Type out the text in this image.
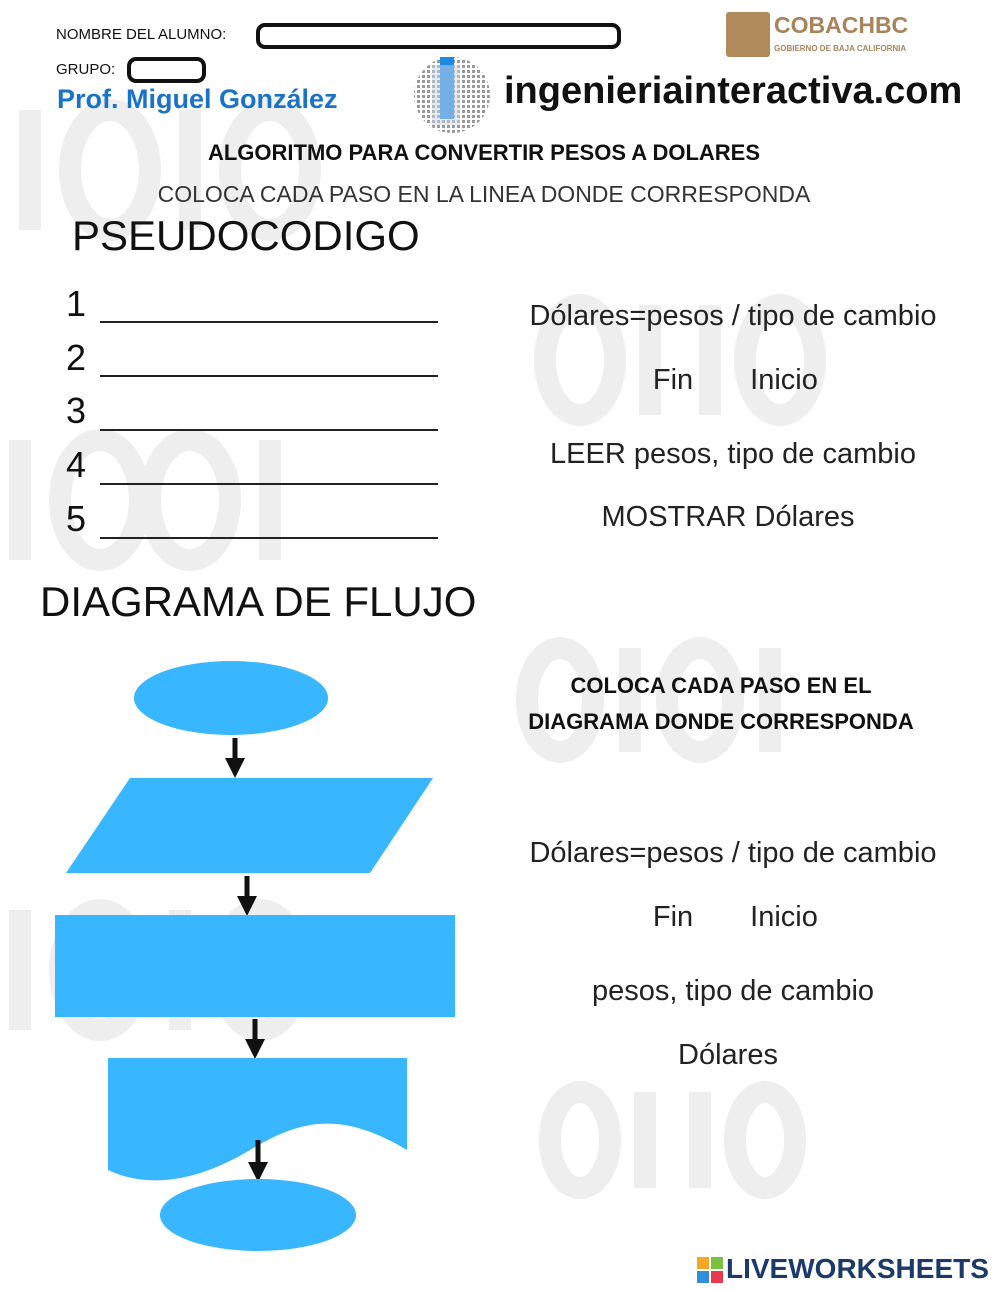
NOMBRE DEL ALUMNO:
GRUPO:
Prof. Miguel González	ingenieriainteractiva.com
COBACHBC
GOBIERNO DE BAJA CALIFORNIA
ALGORITMO PARA CONVERTIR PESOS A DOLARES
COLOCA CADA PASO EN LA LINEA DONDE CORRESPONDA
PSEUDOCODIGO
1
2
3
4
5
Dólares=pesos / tipo de cambio
Fin Inicio
LEER pesos, tipo de cambio
MOSTRAR Dólares
DIAGRAMA DE FLUJO
COLOCA CADA PASO EN EL
DIAGRAMA DONDE CORRESPONDA
Dólares=pesos / tipo de cambio
Fin Inicio
pesos, tipo de cambio
Dólares
LIVEWORKSHEETS
